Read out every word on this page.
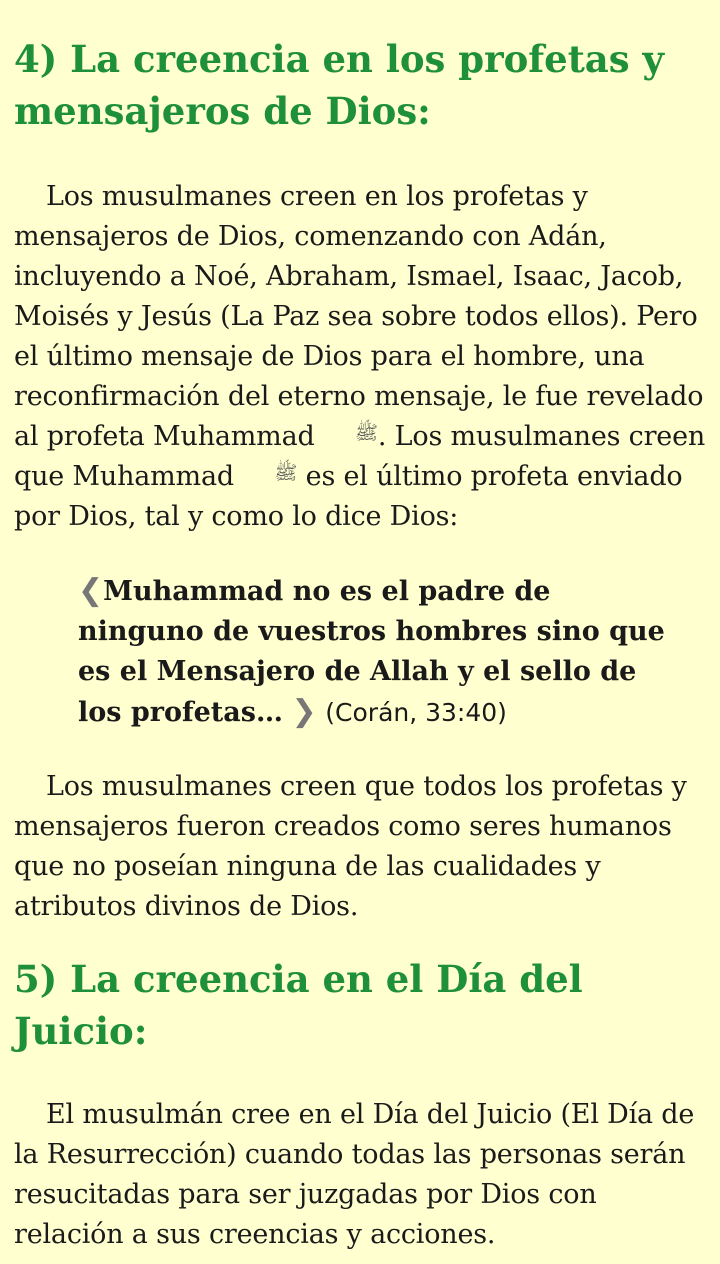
4) La creencia en los profetas y mensajeros de Dios:

Los musulmanes creen en los profetas y mensajeros de Dios, comenzando con Adán, incluyendo a Noé, Abraham, Ismael, Isaac, Jacob, Moisés y Jesús (La Paz sea sobre todos ellos). Pero el último mensaje de Dios para el hombre, una reconfirmación del eterno mensaje, le fue revelado al profeta Muhammad ﷺ. Los musulmanes creen que Muhammad ﷺ es el último profeta enviado por Dios, tal y como lo dice Dios:

❮Muhammad no es el padre de ninguno de vuestros hombres sino que es el Mensajero de Allah y el sello de los profetas… ❯ (Corán, 33:40)

Los musulmanes creen que todos los profetas y mensajeros fueron creados como seres humanos que no poseían ninguna de las cualidades y atributos divinos de Dios.

5) La creencia en el Día del Juicio:

El musulmán cree en el Día del Juicio (El Día de la Resurrección) cuando todas las personas serán resucitadas para ser juzgadas por Dios con relación a sus creencias y acciones.
